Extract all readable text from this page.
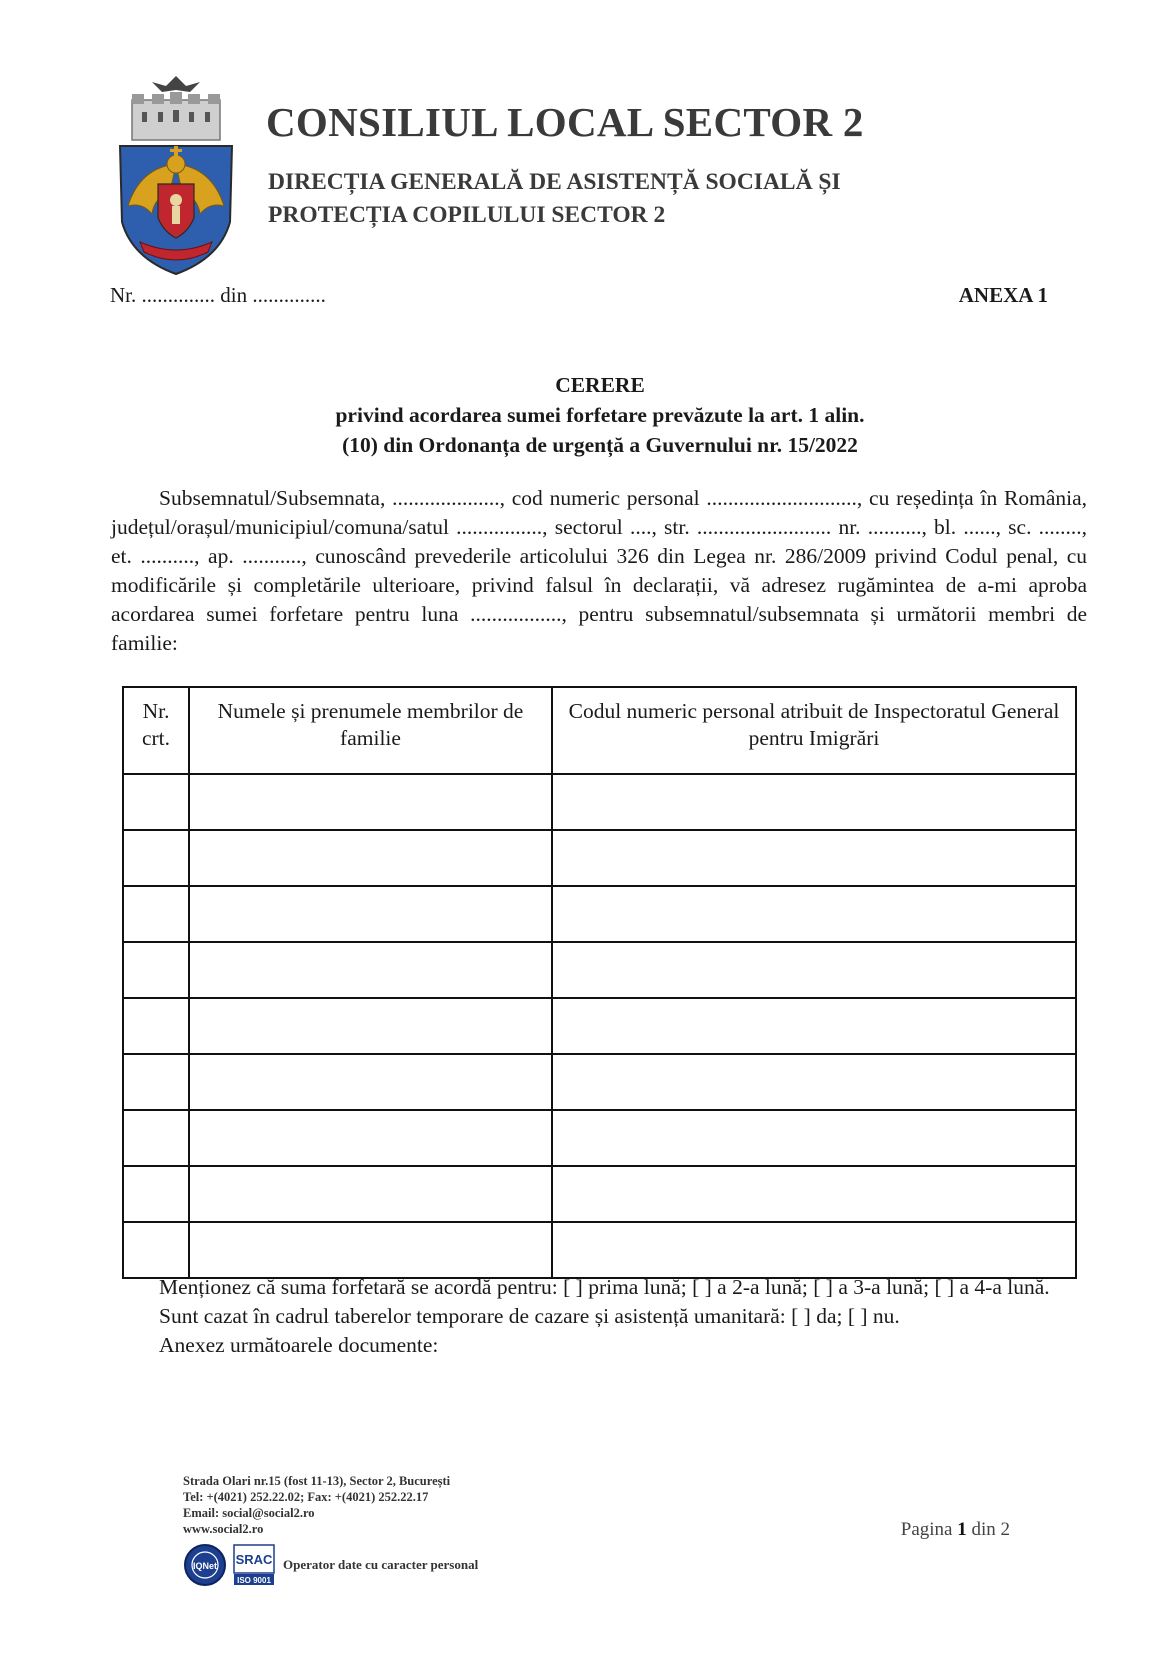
CONSILIUL LOCAL SECTOR 2
DIRECȚIA GENERALĂ DE ASISTENȚĂ SOCIALĂ ȘI
PROTECȚIA COPILULUI SECTOR 2
Nr. .............. din ..............	ANEXA 1
CERERE
privind acordarea sumei forfetare prevăzute la art. 1 alin.
(10) din Ordonanța de urgență a Guvernului nr. 15/2022

Subsemnatul/Subsemnata, ...................., cod numeric personal ............................, cu reședința în România, județul/orașul/municipiul/comuna/satul ................, sectorul ...., str. ......................... nr. .........., bl. ......, sc. ........, et. .........., ap. ..........., cunoscând prevederile articolului 326 din Legea nr. 286/2009 privind Codul penal, cu modificările și completările ulterioare, privind falsul în declarații, vă adresez rugămintea de a-mi aproba acordarea sumei forfetare pentru luna ................., pentru subsemnatul/subsemnata și următorii membri de familie:

Nr. crt.	Numele și prenumele membrilor de familie	Codul numeric personal atribuit de Inspectoratul General pentru Imigrări

Menționez că suma forfetară se acordă pentru: [ ] prima lună; [ ] a 2-a lună; [ ] a 3-a lună; [ ] a 4-a lună.

Sunt cazat în cadrul taberelor temporare de cazare și asistență umanitară: [ ] da; [ ] nu.

Anexez următoarele documente:

Strada Olari nr.15 (fost 11-13), Sector 2, București
Tel: +(4021) 252.22.02; Fax: +(4021) 252.22.17
Email: social@social2.ro
www.social2.ro
IQNet SRAC
ISO 9001
Operator date cu caracter personal
Pagina 1 din 2
